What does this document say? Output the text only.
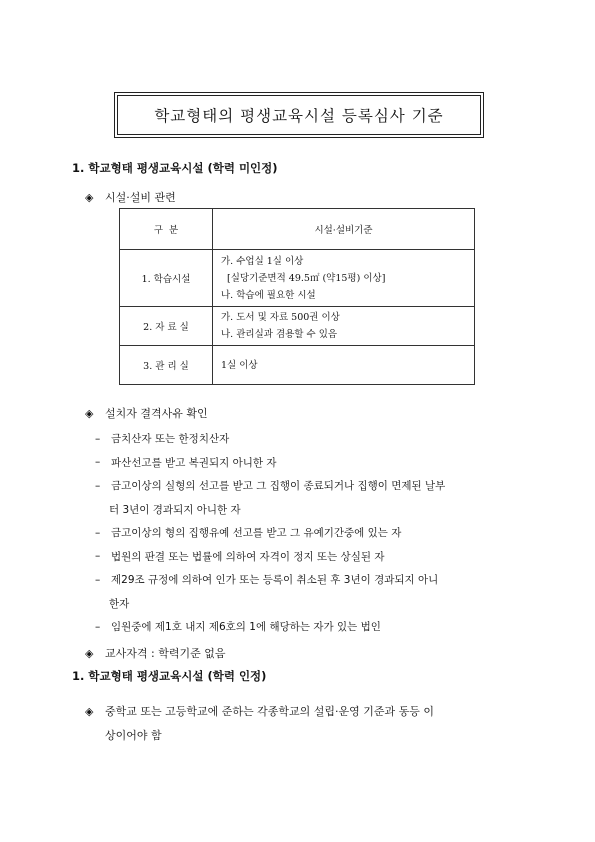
학교형태의 평생교육시설 등록심사 기준
1. 학교형태 평생교육시설 (학력 미인정)
◈	시설·설비 관련
구  분	시설·설비기준
1. 학습시설	가. 수업실 1실 이상
[실당기준면적 49.5㎡ (약15평) 이상]
나. 학습에 필요한 시설

2. 자 료 실	가. 도서 및 자료 500권 이상
나. 관리실과 겸용할 수 있음

3. 관 리 실	1실 이상
◈	설치자 결격사유 확인
–	금치산자 또는 한정치산자
–	파산선고를 받고 복권되지 아니한 자
–	금고이상의 실형의 선고를 받고 그 집행이 종료되거나 집행이 면제된 날부
터 3년이 경과되지 아니한 자
–	금고이상의 형의 집행유예 선고를 받고 그 유예기간중에 있는 자
–	법원의 판결 또는 법률에 의하여 자격이 정지 또는 상실된 자
–	제29조 규정에 의하여 인가 또는 등록이 취소된 후 3년이 경과되지 아니
한자
–	임원중에 제1호 내지 제6호의 1에 해당하는 자가 있는 법인
◈	교사자격 : 학력기준 없음
1. 학교형태 평생교육시설 (학력 인정)
◈	중학교 또는 고등학교에 준하는 각종학교의 설립·운영 기준과 동등 이
상이어야 함
